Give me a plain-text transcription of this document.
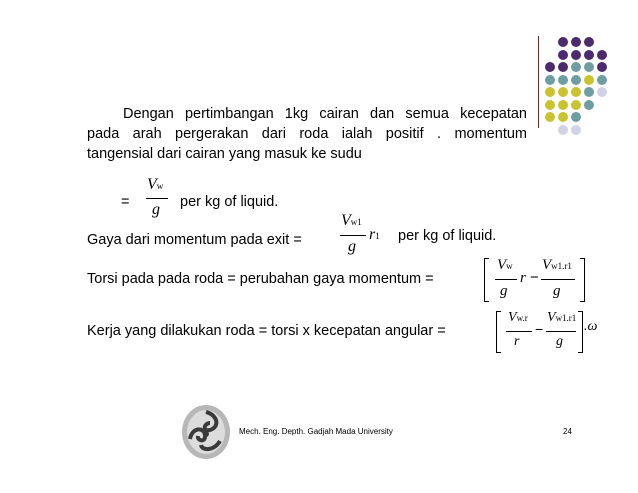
Dengan pertimbangan 1kg cairan dan semua kecepatan
pada arah pergerakan dari roda ialah positif . momentum
tangensial dari cairan yang masuk ke sudu
=
Vw
g per kg of liquid.
Gaya dari momentum pada exit =
Vw1
g
r1 per kg of liquid.
Torsi pada pada roda = perubahan gaya momentum =
Vw
g
r −
Vw1.r1
g
Kerja yang dilakukan roda = torsi x kecepatan angular =
Vw.r
r
−
Vw1.r1
g
.ω
Mech. Eng. Depth. Gadjah Mada University	24
